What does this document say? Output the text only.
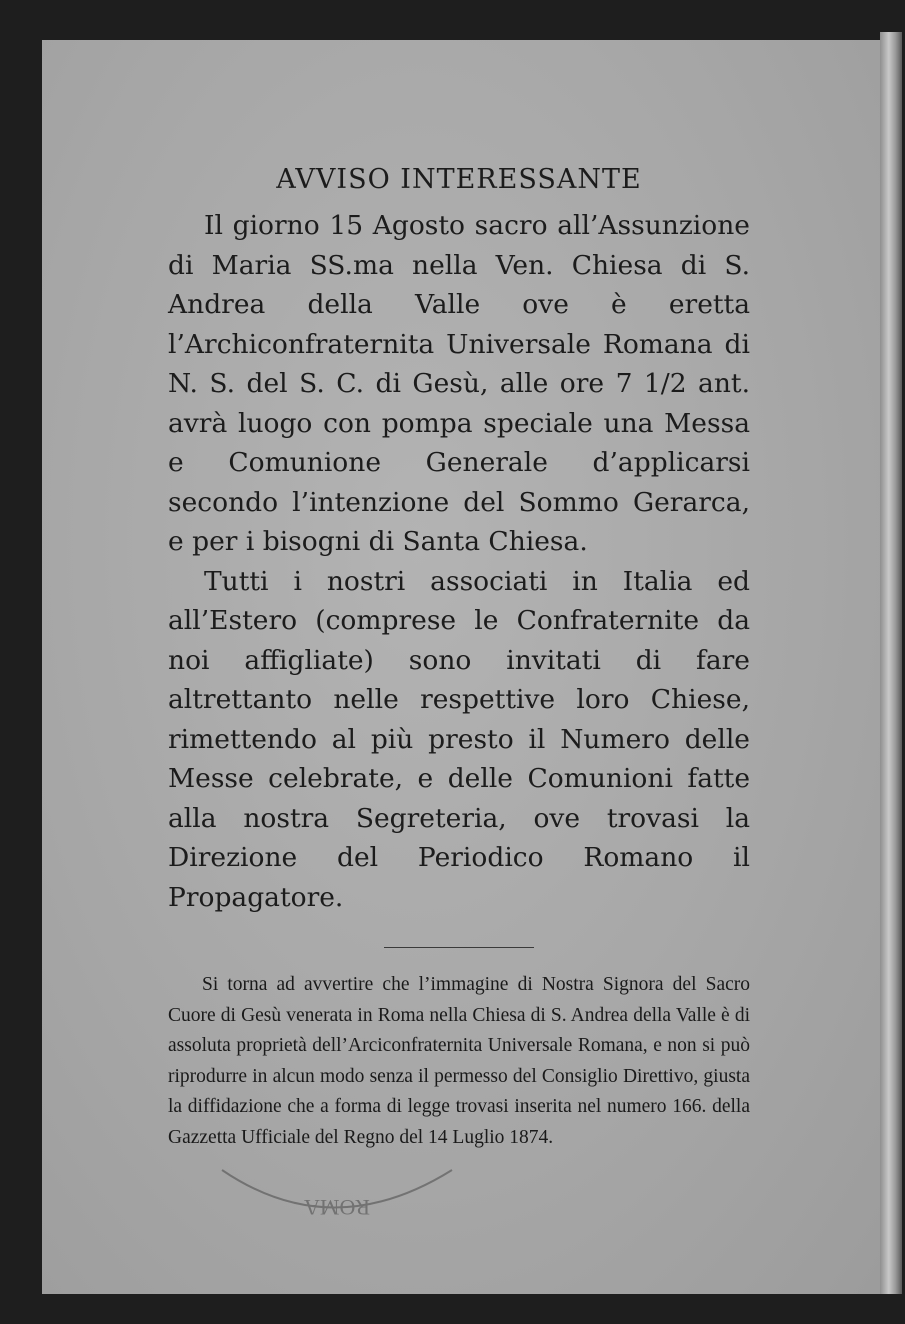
AVVISO INTERESSANTE

Il giorno 15 Agosto sacro all’Assunzione di Maria SS.ma nella Ven. Chiesa di S. Andrea della Valle ove è eretta l’Archiconfraternita Universale Romana di N. S. del S. C. di Gesù, alle ore 7 1/2 ant. avrà luogo con pompa speciale una Messa e Comunione Generale d’applicarsi secondo l’intenzione del Sommo Gerarca, e per i bisogni di Santa Chiesa.

Tutti i nostri associati in Italia ed all’Estero (comprese le Confraternite da noi affigliate) sono invitati di fare altrettanto nelle respettive loro Chiese, rimettendo al più presto il Numero delle Messe celebrate, e delle Comunioni fatte alla nostra Segreteria, ove trovasi la Direzione del Periodico Romano il Propagatore.

Si torna ad avvertire che l’immagine di Nostra Signora del Sacro Cuore di Gesù venerata in Roma nella Chiesa di S. Andrea della Valle è di assoluta proprietà dell’Arciconfraternita Universale Romana, e non si può riprodurre in alcun modo senza il permesso del Consiglio Direttivo, giusta la diffidazione che a forma di legge trovasi inserita nel numero 166. della Gazzetta Ufficiale del Regno del 14 Luglio 1874.

ROMA
